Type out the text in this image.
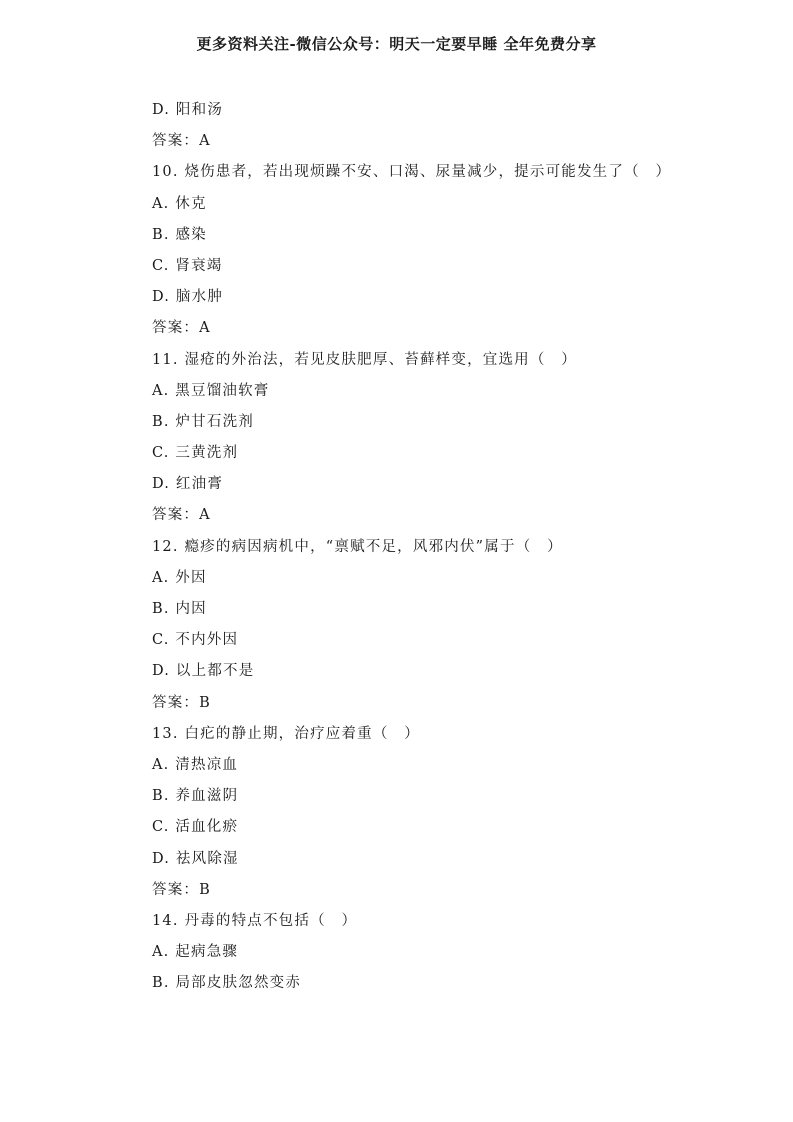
更多资料关注-微信公众号：明天一定要早睡 全年免费分享
D. 阳和汤
答案：A
10. 烧伤患者，若出现烦躁不安、口渴、尿量减少，提示可能发生了（　）
A. 休克
B. 感染
C. 肾衰竭
D. 脑水肿
答案：A
11. 湿疮的外治法，若见皮肤肥厚、苔藓样变，宜选用（　）
A. 黑豆馏油软膏
B. 炉甘石洗剂
C. 三黄洗剂
D. 红油膏
答案：A
12. 瘾疹的病因病机中，“禀赋不足，风邪内伏”属于（　）
A. 外因
B. 内因
C. 不内外因
D. 以上都不是
答案：B
13. 白疕的静止期，治疗应着重（　）
A. 清热凉血
B. 养血滋阴
C. 活血化瘀
D. 祛风除湿
答案：B
14. 丹毒的特点不包括（　）
A. 起病急骤
B. 局部皮肤忽然变赤
